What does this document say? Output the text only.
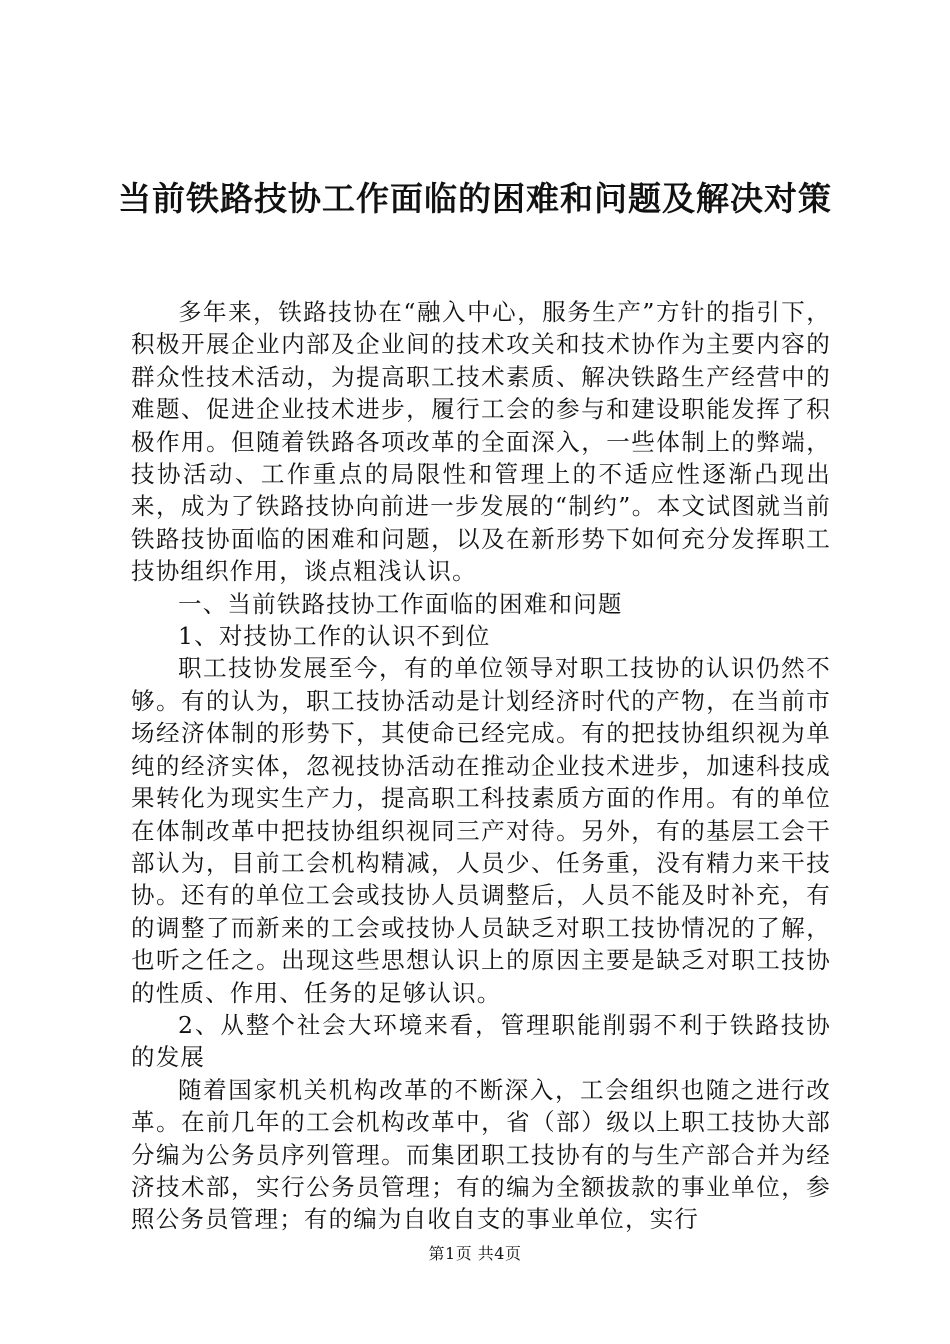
当前铁路技协工作面临的困难和问题及解决对策

多年来，铁路技协在“融入中心，服务生产”方针的指引下，积极开展企业内部及企业间的技术攻关和技术协作为主要内容的群众性技术活动，为提高职工技术素质、解决铁路生产经营中的难题、促进企业技术进步，履行工会的参与和建设职能发挥了积极作用。但随着铁路各项改革的全面深入，一些体制上的弊端，技协活动、工作重点的局限性和管理上的不适应性逐渐凸现出来，成为了铁路技协向前进一步发展的“制约”。本文试图就当前铁路技协面临的困难和问题，以及在新形势下如何充分发挥职工技协组织作用，谈点粗浅认识。

一、当前铁路技协工作面临的困难和问题

1、对技协工作的认识不到位

职工技协发展至今，有的单位领导对职工技协的认识仍然不够。有的认为，职工技协活动是计划经济时代的产物，在当前市场经济体制的形势下，其使命已经完成。有的把技协组织视为单纯的经济实体，忽视技协活动在推动企业技术进步，加速科技成果转化为现实生产力，提高职工科技素质方面的作用。有的单位在体制改革中把技协组织视同三产对待。另外，有的基层工会干部认为，目前工会机构精减，人员少、任务重，没有精力来干技协。还有的单位工会或技协人员调整后，人员不能及时补充，有的调整了而新来的工会或技协人员缺乏对职工技协情况的了解，也听之任之。出现这些思想认识上的原因主要是缺乏对职工技协的性质、作用、任务的足够认识。

2、从整个社会大环境来看，管理职能削弱不利于铁路技协的发展

随着国家机关机构改革的不断深入，工会组织也随之进行改革。在前几年的工会机构改革中，省（部）级以上职工技协大部分编为公务员序列管理。而集团职工技协有的与生产部合并为经济技术部，实行公务员管理；有的编为全额拔款的事业单位，参照公务员管理；有的编为自收自支的事业单位，实行

第1页 共4页
